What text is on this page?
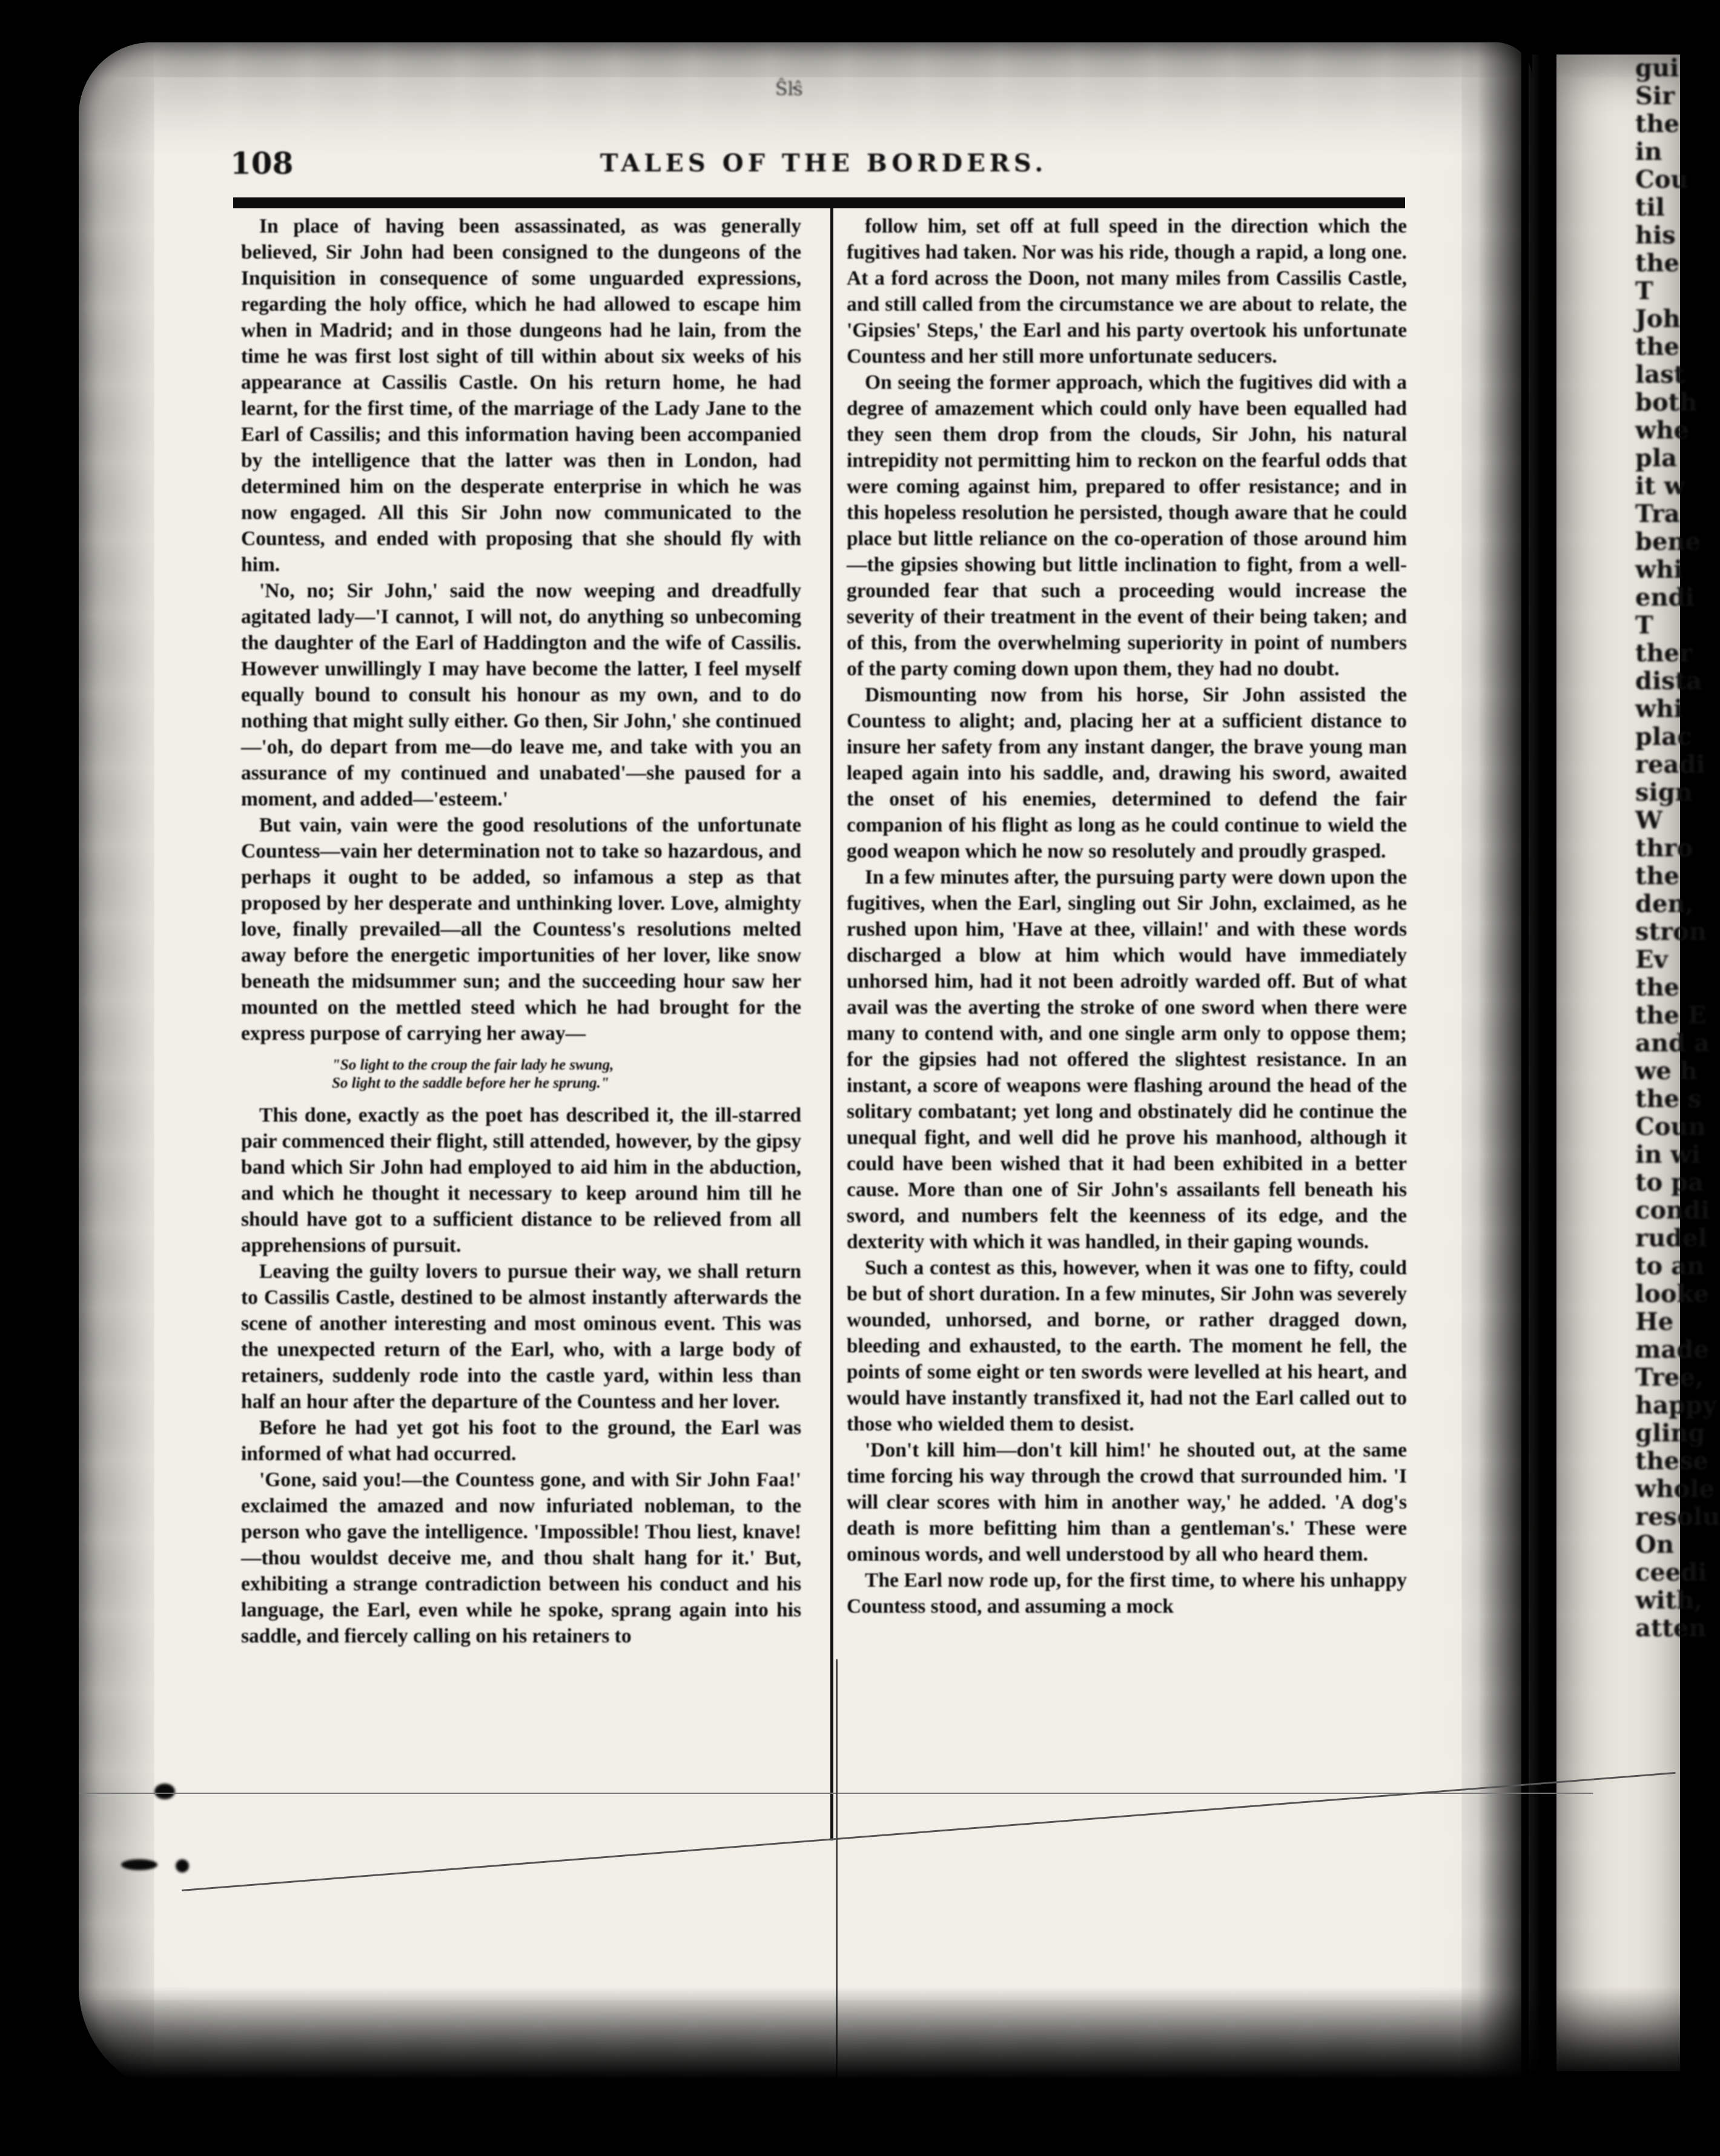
gui
Sir
the
in
Cou
til
his
the
T
Joh
the
last
both
whe
pla
it w
Tra
bene
whi
endi
T
ther
dista
whi
plac
readi
sign
W
thro
the
den,
stron
Ev
the
the E
and a
we h
the s
Coun
in wi
to pa
condi
rudel
to an
looke
He
made
Tree,
happy
gling
these
whole
resolu
On
ceedi
with,
atten
Ŝŀŝ
108	TALES OF THE BORDERS.

In place of having been assassinated, as was generally believed, Sir John had been consigned to the dungeons of the Inquisition in consequence of some unguarded expressions, regarding the holy office, which he had allowed to escape him when in Madrid; and in those dungeons had he lain, from the time he was first lost sight of till within about six weeks of his appearance at Cassilis Castle. On his return home, he had learnt, for the first time, of the marriage of the Lady Jane to the Earl of Cassilis; and this information having been accompanied by the intelligence that the latter was then in London, had determined him on the desperate enterprise in which he was now engaged. All this Sir John now communicated to the Countess, and ended with proposing that she should fly with him.

'No, no; Sir John,' said the now weeping and dreadfully agitated lady—'I cannot, I will not, do anything so unbecoming the daughter of the Earl of Haddington and the wife of Cassilis. However unwillingly I may have become the latter, I feel myself equally bound to consult his honour as my own, and to do nothing that might sully either. Go then, Sir John,' she continued—'oh, do depart from me—do leave me, and take with you an assurance of my continued and unabated'—she paused for a moment, and added—'esteem.'

But vain, vain were the good resolutions of the unfortunate Countess—vain her determination not to take so hazardous, and perhaps it ought to be added, so infamous a step as that proposed by her desperate and unthinking lover. Love, almighty love, finally prevailed—all the Countess's resolutions melted away before the energetic importunities of her lover, like snow beneath the midsummer sun; and the succeeding hour saw her mounted on the mettled steed which he had brought for the express purpose of carrying her away—

"So light to the croup the fair lady he swung,
So light to the saddle before her he sprung."

This done, exactly as the poet has described it, the ill-starred pair commenced their flight, still attended, however, by the gipsy band which Sir John had employed to aid him in the abduction, and which he thought it necessary to keep around him till he should have got to a sufficient distance to be relieved from all apprehensions of pursuit.

Leaving the guilty lovers to pursue their way, we shall return to Cassilis Castle, destined to be almost instantly afterwards the scene of another interesting and most ominous event. This was the unexpected return of the Earl, who, with a large body of retainers, suddenly rode into the castle yard, within less than half an hour after the departure of the Countess and her lover.

Before he had yet got his foot to the ground, the Earl was informed of what had occurred.

'Gone, said you!—the Countess gone, and with Sir John Faa!' exclaimed the amazed and now infuriated nobleman, to the person who gave the intelligence. 'Impossible! Thou liest, knave!—thou wouldst deceive me, and thou shalt hang for it.' But, exhibiting a strange contradiction between his conduct and his language, the Earl, even while he spoke, sprang again into his saddle, and fiercely calling on his retainers to

follow him, set off at full speed in the direction which the fugitives had taken. Nor was his ride, though a rapid, a long one. At a ford across the Doon, not many miles from Cassilis Castle, and still called from the circumstance we are about to relate, the 'Gipsies' Steps,' the Earl and his party overtook his unfortunate Countess and her still more unfortunate seducers.

On seeing the former approach, which the fugitives did with a degree of amazement which could only have been equalled had they seen them drop from the clouds, Sir John, his natural intrepidity not permitting him to reckon on the fearful odds that were coming against him, prepared to offer resistance; and in this hopeless resolution he persisted, though aware that he could place but little reliance on the co-operation of those around him—the gipsies showing but little inclination to fight, from a well-grounded fear that such a proceeding would increase the severity of their treatment in the event of their being taken; and of this, from the overwhelming superiority in point of numbers of the party coming down upon them, they had no doubt.

Dismounting now from his horse, Sir John assisted the Countess to alight; and, placing her at a sufficient distance to insure her safety from any instant danger, the brave young man leaped again into his saddle, and, drawing his sword, awaited the onset of his enemies, determined to defend the fair companion of his flight as long as he could continue to wield the good weapon which he now so resolutely and proudly grasped.

In a few minutes after, the pursuing party were down upon the fugitives, when the Earl, singling out Sir John, exclaimed, as he rushed upon him, 'Have at thee, villain!' and with these words discharged a blow at him which would have immediately unhorsed him, had it not been adroitly warded off. But of what avail was the averting the stroke of one sword when there were many to contend with, and one single arm only to oppose them; for the gipsies had not offered the slightest resistance. In an instant, a score of weapons were flashing around the head of the solitary combatant; yet long and obstinately did he continue the unequal fight, and well did he prove his manhood, although it could have been wished that it had been exhibited in a better cause. More than one of Sir John's assailants fell beneath his sword, and numbers felt the keenness of its edge, and the dexterity with which it was handled, in their gaping wounds.

Such a contest as this, however, when it was one to fifty, could be but of short duration. In a few minutes, Sir John was severely wounded, unhorsed, and borne, or rather dragged down, bleeding and exhausted, to the earth. The moment he fell, the points of some eight or ten swords were levelled at his heart, and would have instantly transfixed it, had not the Earl called out to those who wielded them to desist.

'Don't kill him—don't kill him!' he shouted out, at the same time forcing his way through the crowd that surrounded him. 'I will clear scores with him in another way,' he added. 'A dog's death is more befitting him than a gentleman's.' These were ominous words, and well understood by all who heard them.

The Earl now rode up, for the first time, to where his unhappy Countess stood, and assuming a mock
